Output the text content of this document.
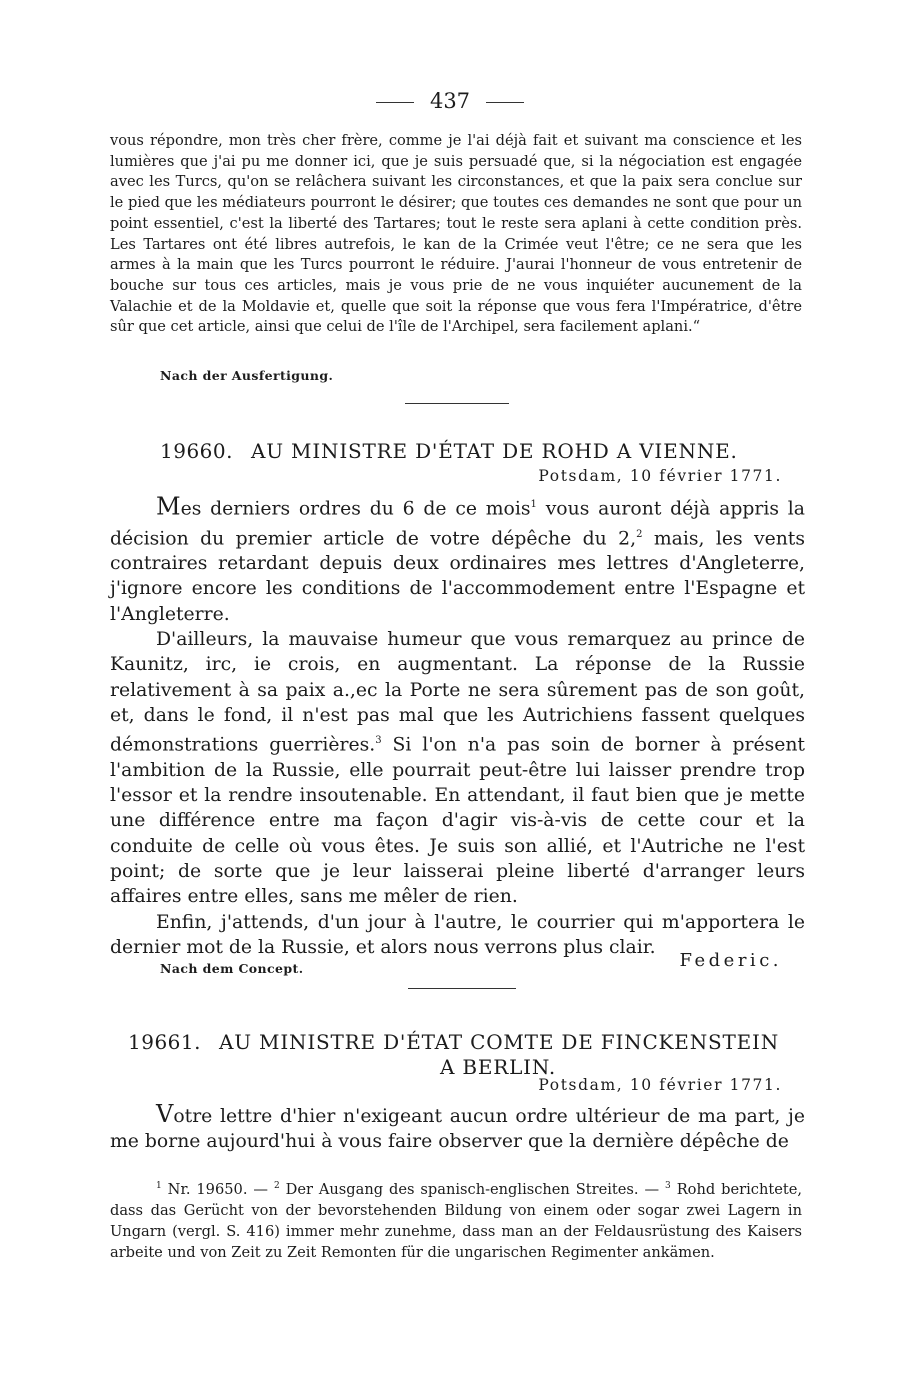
437

vous répondre, mon très cher frère, comme je l'ai déjà fait et suivant ma conscience et les lumières que j'ai pu me donner ici, que je suis persuadé que, si la négociation est engagée avec les Turcs, qu'on se relâchera suivant les circonstances, et que la paix sera conclue sur le pied que les médiateurs pourront le désirer; que toutes ces demandes ne sont que pour un point essentiel, c'est la liberté des Tartares; tout le reste sera aplani à cette condition près. Les Tartares ont été libres autrefois, le kan de la Crimée veut l'être; ce ne sera que les armes à la main que les Turcs pourront le réduire. J'aurai l'honneur de vous entretenir de bouche sur tous ces articles, mais je vous prie de ne vous inquiéter aucunement de la Valachie et de la Moldavie et, quelle que soit la réponse que vous fera l'Impératrice, d'être sûr que cet article, ainsi que celui de l'île de l'Archipel, sera facilement aplani.“

Nach der Ausfertigung.
19660. AU MINISTRE D'ÉTAT DE ROHD A VIENNE.
Potsdam, 10 février 1771.

Mes derniers ordres du 6 de ce mois$^1$ vous auront déjà appris la décision du premier article de votre dépêche du 2,$^2$ mais, les vents contraires retardant depuis deux ordinaires mes lettres d'Angleterre, j'ignore encore les conditions de l'accommodement entre l'Espagne et l'Angleterre.

D'ailleurs, la mauvaise humeur que vous remarquez au prince de Kaunitz, irc, ie crois, en augmentant. La réponse de la Russie relativement à sa paix a.,ec la Porte ne sera sûrement pas de son goût, et, dans le fond, il n'est pas mal que les Autrichiens fassent quelques démonstrations guerrières.$^3$ Si l'on n'a pas soin de borner à présent l'ambition de la Russie, elle pourrait peut-être lui laisser prendre trop l'essor et la rendre insoutenable. En attendant, il faut bien que je mette une différence entre ma façon d'agir vis-à-vis de cette cour et la conduite de celle où vous êtes. Je suis son allié, et l'Autriche ne l'est point; de sorte que je leur laisserai pleine liberté d'arranger leurs affaires entre elles, sans me mêler de rien.

Enfin, j'attends, d'un jour à l'autre, le courrier qui m'apportera le dernier mot de la Russie, et alors nous verrons plus clair.

Nach dem Concept.	Federic.
19661. AU MINISTRE D'ÉTAT COMTE DE FINCKENSTEIN
A BERLIN.
Potsdam, 10 février 1771.

Votre lettre d'hier n'exigeant aucun ordre ultérieur de ma part, je me borne aujourd'hui à vous faire observer que la dernière dépêche de

$^1$ Nr. 19650. — $^2$ Der Ausgang des spanisch-englischen Streites. — $^3$ Rohd berichtete, dass das Gerücht von der bevorstehenden Bildung von einem oder sogar zwei Lagern in Ungarn (vergl. S. 416) immer mehr zunehme, dass man an der Feldausrüstung des Kaisers arbeite und von Zeit zu Zeit Remonten für die ungarischen Regimenter ankämen.
